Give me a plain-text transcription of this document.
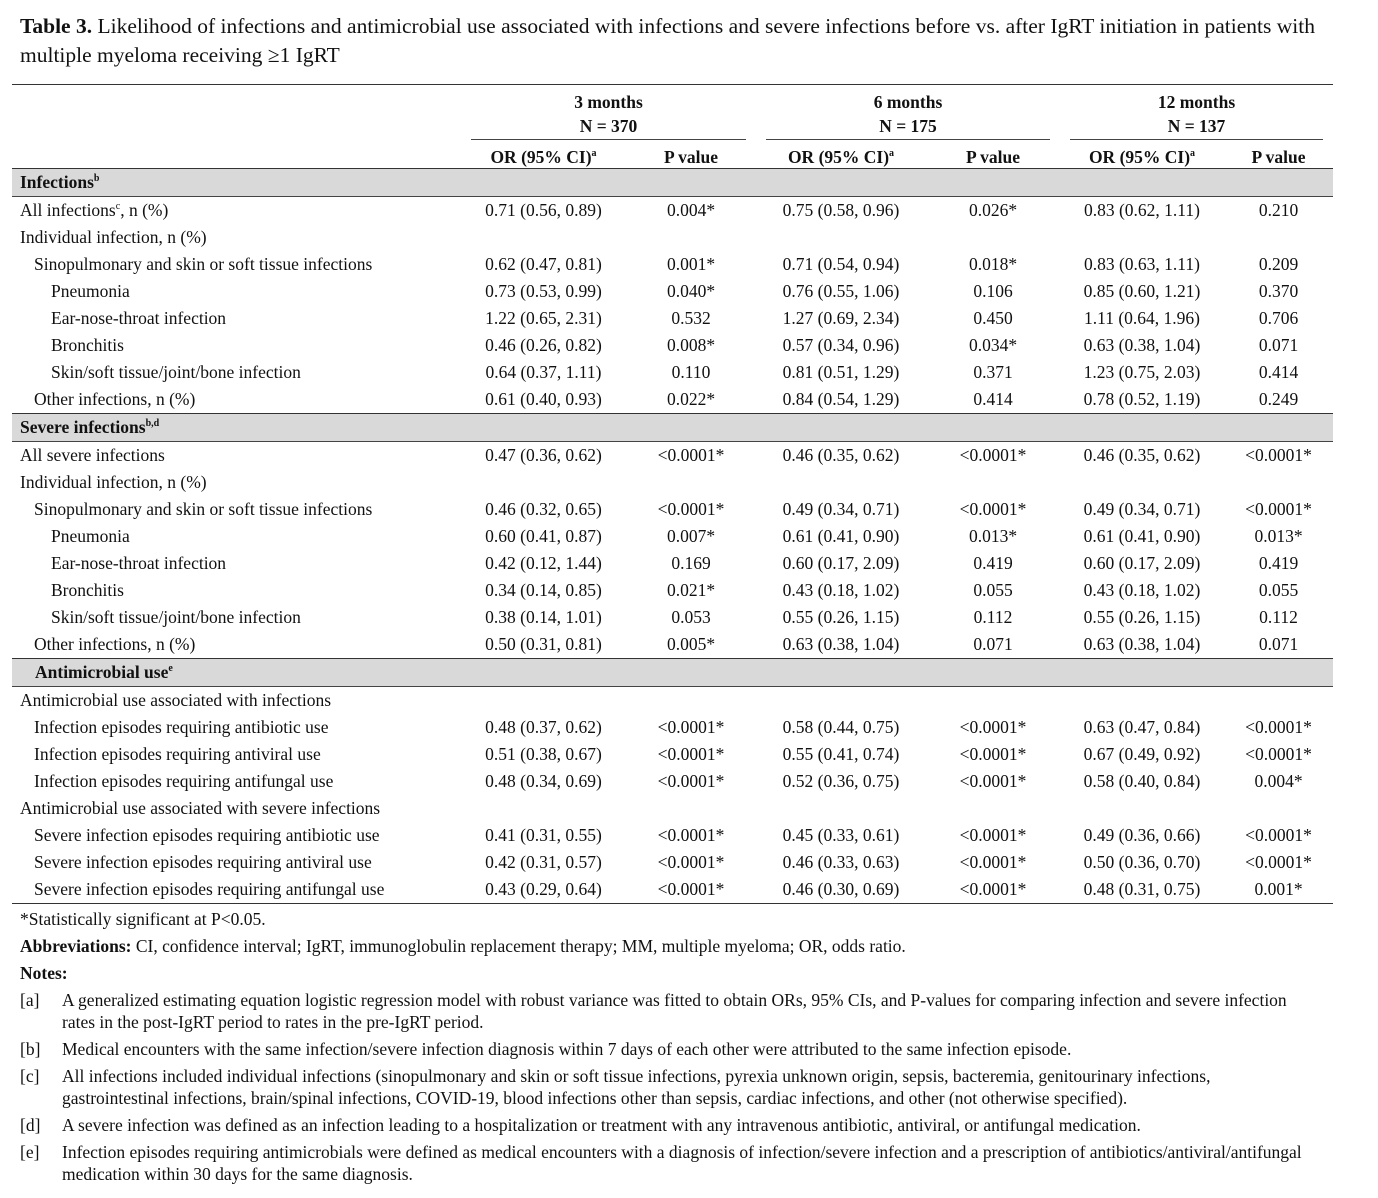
Table 3. Likelihood of infections and antimicrobial use associated with infections and severe infections before vs. after IgRT initiation in patients with multiple myeloma receiving ≥1 IgRT

	3 months		6 months		12 months	

	N = 370		N = 175		N = 137	

	OR (95% CI)$^a$	P value	OR (95% CI)$^a$	P value	OR (95% CI)$^a$	P value
Infections$^b$
All infections$^c$, n (%)	0.71 (0.56, 0.89)	0.004*	0.75 (0.58, 0.96)	0.026*	0.83 (0.62, 1.11)	0.210
Individual infection, n (%)						
Sinopulmonary and skin or soft tissue infections	0.62 (0.47, 0.81)	0.001*	0.71 (0.54, 0.94)	0.018*	0.83 (0.63, 1.11)	0.209
Pneumonia	0.73 (0.53, 0.99)	0.040*	0.76 (0.55, 1.06)	0.106	0.85 (0.60, 1.21)	0.370
Ear-nose-throat infection	1.22 (0.65, 2.31)	0.532	1.27 (0.69, 2.34)	0.450	1.11 (0.64, 1.96)	0.706
Bronchitis	0.46 (0.26, 0.82)	0.008*	0.57 (0.34, 0.96)	0.034*	0.63 (0.38, 1.04)	0.071
Skin/soft tissue/joint/bone infection	0.64 (0.37, 1.11)	0.110	0.81 (0.51, 1.29)	0.371	1.23 (0.75, 2.03)	0.414
Other infections, n (%)	0.61 (0.40, 0.93)	0.022*	0.84 (0.54, 1.29)	0.414	0.78 (0.52, 1.19)	0.249
Severe infections$^{b,d}$
All severe infections	0.47 (0.36, 0.62)	<0.0001*	0.46 (0.35, 0.62)	<0.0001*	0.46 (0.35, 0.62)	<0.0001*
Individual infection, n (%)						
Sinopulmonary and skin or soft tissue infections	0.46 (0.32, 0.65)	<0.0001*	0.49 (0.34, 0.71)	<0.0001*	0.49 (0.34, 0.71)	<0.0001*
Pneumonia	0.60 (0.41, 0.87)	0.007*	0.61 (0.41, 0.90)	0.013*	0.61 (0.41, 0.90)	0.013*
Ear-nose-throat infection	0.42 (0.12, 1.44)	0.169	0.60 (0.17, 2.09)	0.419	0.60 (0.17, 2.09)	0.419
Bronchitis	0.34 (0.14, 0.85)	0.021*	0.43 (0.18, 1.02)	0.055	0.43 (0.18, 1.02)	0.055
Skin/soft tissue/joint/bone infection	0.38 (0.14, 1.01)	0.053	0.55 (0.26, 1.15)	0.112	0.55 (0.26, 1.15)	0.112
Other infections, n (%)	0.50 (0.31, 0.81)	0.005*	0.63 (0.38, 1.04)	0.071	0.63 (0.38, 1.04)	0.071
Antimicrobial use$^e$
Antimicrobial use associated with infections						
Infection episodes requiring antibiotic use	0.48 (0.37, 0.62)	<0.0001*	0.58 (0.44, 0.75)	<0.0001*	0.63 (0.47, 0.84)	<0.0001*
Infection episodes requiring antiviral use	0.51 (0.38, 0.67)	<0.0001*	0.55 (0.41, 0.74)	<0.0001*	0.67 (0.49, 0.92)	<0.0001*
Infection episodes requiring antifungal use	0.48 (0.34, 0.69)	<0.0001*	0.52 (0.36, 0.75)	<0.0001*	0.58 (0.40, 0.84)	0.004*
Antimicrobial use associated with severe infections						
Severe infection episodes requiring antibiotic use	0.41 (0.31, 0.55)	<0.0001*	0.45 (0.33, 0.61)	<0.0001*	0.49 (0.36, 0.66)	<0.0001*
Severe infection episodes requiring antiviral use	0.42 (0.31, 0.57)	<0.0001*	0.46 (0.33, 0.63)	<0.0001*	0.50 (0.36, 0.70)	<0.0001*
Severe infection episodes requiring antifungal use	0.43 (0.29, 0.64)	<0.0001*	0.46 (0.30, 0.69)	<0.0001*	0.48 (0.31, 0.75)	0.001*

*Statistically significant at P<0.05.

Abbreviations: CI, confidence interval; IgRT, immunoglobulin replacement therapy; MM, multiple myeloma; OR, odds ratio.

Notes:

[a]	A generalized estimating equation logistic regression model with robust variance was fitted to obtain ORs, 95% CIs, and P-values for comparing infection and severe infection rates in the post-IgRT period to rates in the pre-IgRT period.
[b]	Medical encounters with the same infection/severe infection diagnosis within 7 days of each other were attributed to the same infection episode.
[c]	All infections included individual infections (sinopulmonary and skin or soft tissue infections, pyrexia unknown origin, sepsis, bacteremia, genitourinary infections, gastrointestinal infections, brain/spinal infections, COVID-19, blood infections other than sepsis, cardiac infections, and other (not otherwise specified).
[d]	A severe infection was defined as an infection leading to a hospitalization or treatment with any intravenous antibiotic, antiviral, or antifungal medication.
[e]	Infection episodes requiring antimicrobials were defined as medical encounters with a diagnosis of infection/severe infection and a prescription of antibiotics/antiviral/antifungal medication within 30 days for the same diagnosis.
